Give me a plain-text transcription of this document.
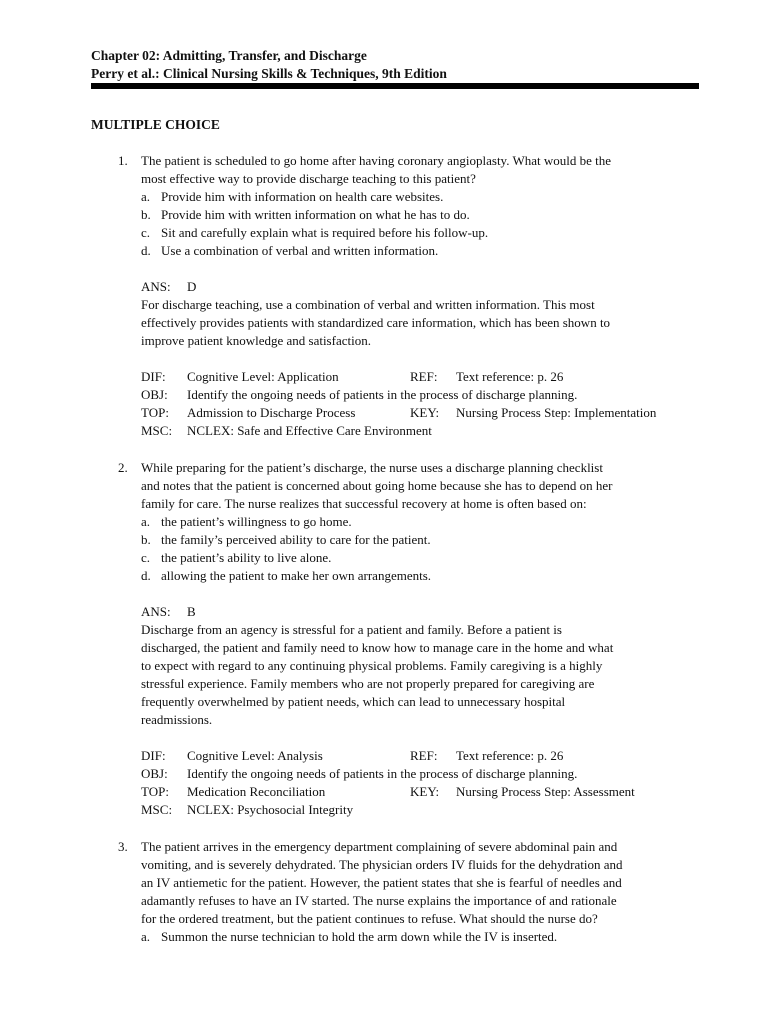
Chapter 02: Admitting, Transfer, and Discharge
Perry et al.: Clinical Nursing Skills & Techniques, 9th Edition
MULTIPLE CHOICE
1. The patient is scheduled to go home after having coronary angioplasty. What would be the
most effective way to provide discharge teaching to this patient?
a. Provide him with information on health care websites.
b. Provide him with written information on what he has to do.
c. Sit and carefully explain what is required before his follow-up.
d. Use a combination of verbal and written information.
ANS: D
For discharge teaching, use a combination of verbal and written information. This most
effectively provides patients with standardized care information, which has been shown to
improve patient knowledge and satisfaction.
DIF:	Cognitive Level: Application	REF:	Text reference: p. 26
OBJ:	Identify the ongoing needs of patients in the process of discharge planning.
TOP:	Admission to Discharge Process	KEY:	Nursing Process Step: Implementation
MSC:	NCLEX: Safe and Effective Care Environment
2. While preparing for the patient’s discharge, the nurse uses a discharge planning checklist
and notes that the patient is concerned about going home because she has to depend on her
family for care. The nurse realizes that successful recovery at home is often based on:
a. the patient’s willingness to go home.
b. the family’s perceived ability to care for the patient.
c. the patient’s ability to live alone.
d. allowing the patient to make her own arrangements.
ANS: B
Discharge from an agency is stressful for a patient and family. Before a patient is
discharged, the patient and family need to know how to manage care in the home and what
to expect with regard to any continuing physical problems. Family caregiving is a highly
stressful experience. Family members who are not properly prepared for caregiving are
frequently overwhelmed by patient needs, which can lead to unnecessary hospital
readmissions.
DIF:	Cognitive Level: Analysis	REF:	Text reference: p. 26
OBJ:	Identify the ongoing needs of patients in the process of discharge planning.
TOP:	Medication Reconciliation	KEY:	Nursing Process Step: Assessment
MSC:	NCLEX: Psychosocial Integrity
3. The patient arrives in the emergency department complaining of severe abdominal pain and
vomiting, and is severely dehydrated. The physician orders IV fluids for the dehydration and
an IV antiemetic for the patient. However, the patient states that she is fearful of needles and
adamantly refuses to have an IV started. The nurse explains the importance of and rationale
for the ordered treatment, but the patient continues to refuse. What should the nurse do?
a. Summon the nurse technician to hold the arm down while the IV is inserted.
